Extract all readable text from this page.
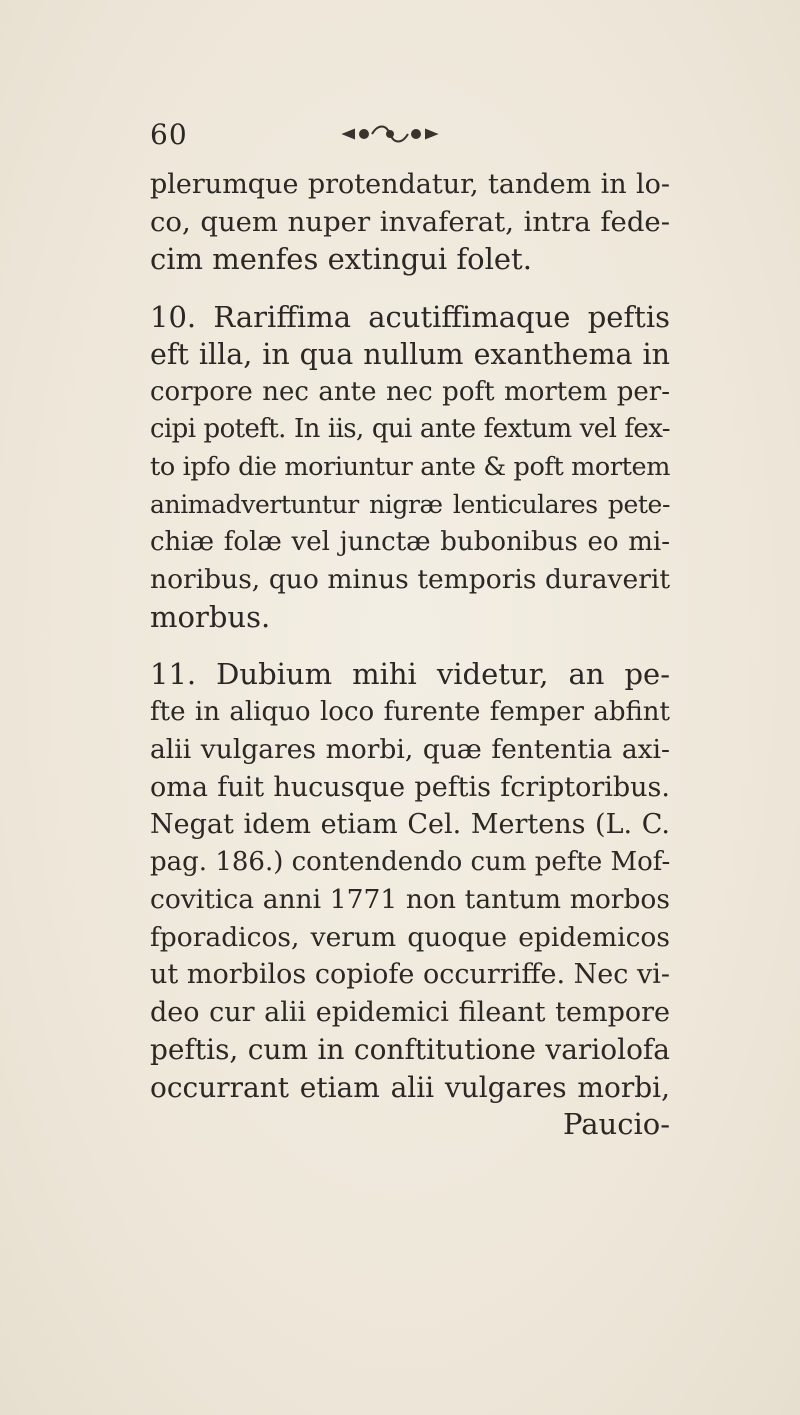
60
plerumque protendatur, tandem in lo-
co, quem nuper invaferat, intra fede-
cim menfes extingui folet.
10. Rariffima acutiffimaque peftis
eft illa, in qua nullum exanthema in
corpore nec ante nec poft mortem per-
cipi poteft. In iis, qui ante fextum vel fex-
to ipfo die moriuntur ante & poft mortem
animadvertuntur nigræ lenticulares pete-
chiæ folæ vel junctæ bubonibus eo mi-
noribus, quo minus temporis duraverit
morbus.
11. Dubium mihi videtur, an pe-
fte in aliquo loco furente femper abfint
alii vulgares morbi, quæ fententia axi-
oma fuit hucusque peftis fcriptoribus.
Negat idem etiam Cel. Mertens (L. C.
pag. 186.) contendendo cum pefte Mof-
covitica anni 1771 non tantum morbos
fporadicos, verum quoque epidemicos
ut morbilos copiofe occurriffe. Nec vi-
deo cur alii epidemici fileant tempore
peftis, cum in conftitutione variolofa
occurrant etiam alii vulgares morbi,
Paucio-
